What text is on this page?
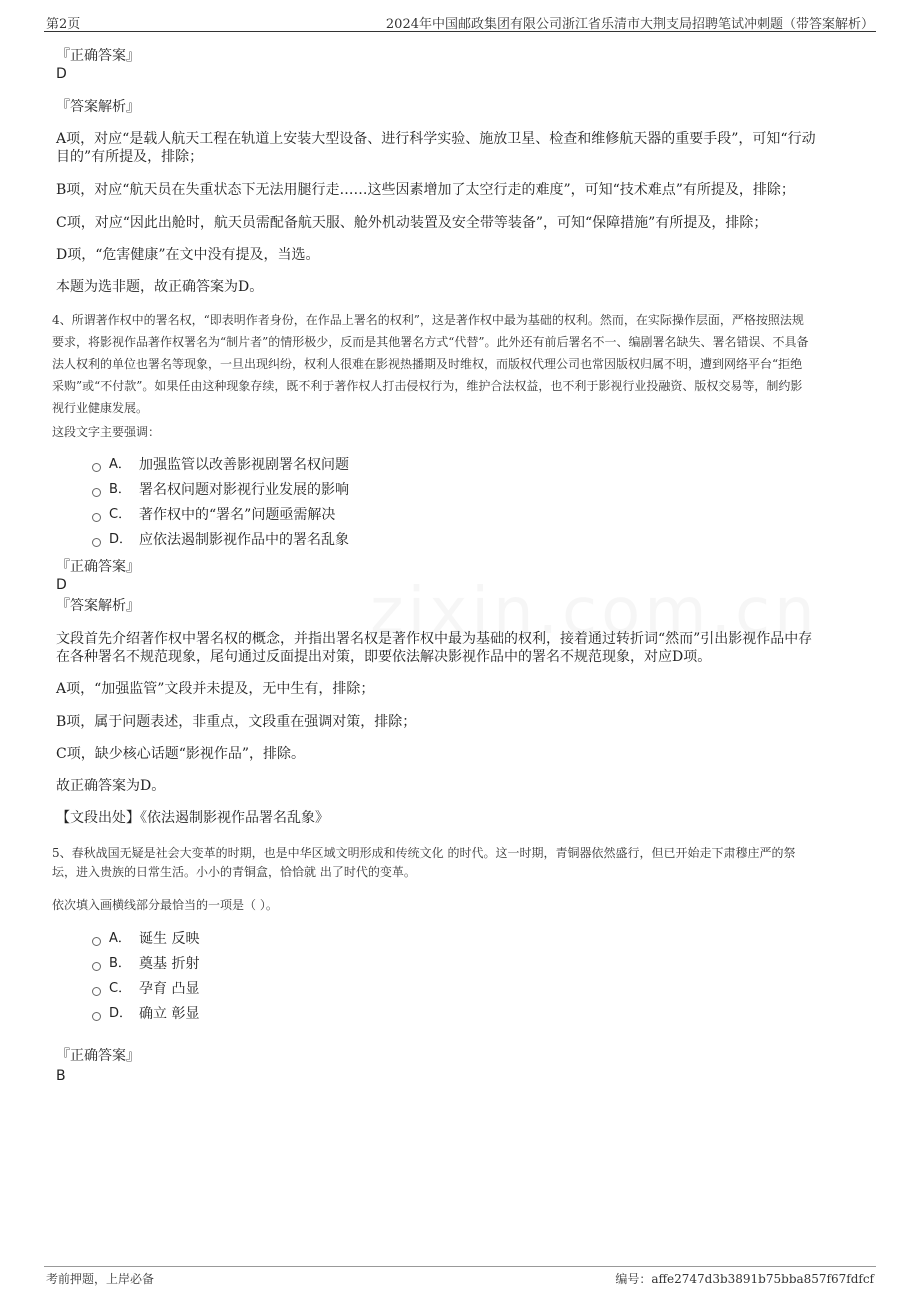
第2页	2024年中国邮政集团有限公司浙江省乐清市大荆支局招聘笔试冲刺题（带答案解析）
『正确答案』
D
『答案解析』
A项，对应“是载人航天工程在轨道上安装大型设备、进行科学实验、施放卫星、检查和维修航天器的重要手段”，可知“行动
目的”有所提及，排除；
B项，对应“航天员在失重状态下无法用腿行走……这些因素增加了太空行走的难度”，可知“技术难点”有所提及，排除；
C项，对应“因此出舱时，航天员需配备航天服、舱外机动装置及安全带等装备”，可知“保障措施”有所提及，排除；
D项，“危害健康”在文中没有提及，当选。
本题为选非题，故正确答案为D。
4、所谓著作权中的署名权，“即表明作者身份，在作品上署名的权利”，这是著作权中最为基础的权利。然而，在实际操作层面，严格按照法规
要求，将影视作品著作权署名为“制片者”的情形极少，反而是其他署名方式“代替”。此外还有前后署名不一、编剧署名缺失、署名错误、不具备
法人权利的单位也署名等现象，一旦出现纠纷，权利人很难在影视热播期及时维权，而版权代理公司也常因版权归属不明，遭到网络平台“拒绝
采购”或“不付款”。如果任由这种现象存续，既不利于著作权人打击侵权行为，维护合法权益，也不利于影视行业投融资、版权交易等，制约影
视行业健康发展。
这段文字主要强调：
A． 加强监管以改善影视剧署名权问题
B． 署名权问题对影视行业发展的影响
C． 著作权中的“署名”问题亟需解决
D． 应依法遏制影视作品中的署名乱象
『正确答案』
D
『答案解析』
文段首先介绍著作权中署名权的概念，并指出署名权是著作权中最为基础的权利，接着通过转折词“然而”引出影视作品中存
在各种署名不规范现象，尾句通过反面提出对策，即要依法解决影视作品中的署名不规范现象，对应D项。
A项，“加强监管”文段并未提及，无中生有，排除；
B项，属于问题表述，非重点，文段重在强调对策，排除；
C项，缺少核心话题“影视作品”，排除。
故正确答案为D。
【文段出处】《依法遏制影视作品署名乱象》
5、春秋战国无疑是社会大变革的时期，也是中华区域文明形成和传统文化 的时代。这一时期，青铜器依然盛行，但已开始走下肃穆庄严的祭
坛，进入贵族的日常生活。小小的青铜盒，恰恰就 出了时代的变革。
依次填入画横线部分最恰当的一项是（ ）。
A． 诞生 反映
B． 奠基 折射
C． 孕育 凸显
D． 确立 彰显
『正确答案』
B
考前押题，上岸必备	编号：affe2747d3b3891b75bba857f67fdfcf
